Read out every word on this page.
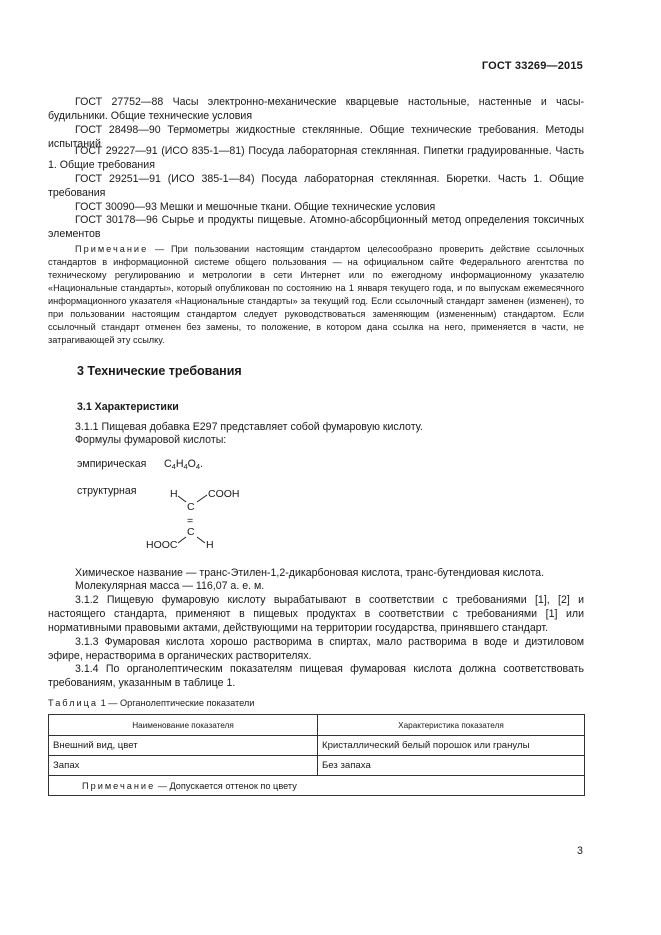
ГОСТ 33269—2015

ГОСТ 27752—88 Часы электронно-механические кварцевые настольные, настенные и часы-будильники. Общие технические условия

ГОСТ 28498—90 Термометры жидкостные стеклянные. Общие технические требования. Методы испытаний

ГОСТ 29227—91 (ИСО 835-1—81) Посуда лабораторная стеклянная. Пипетки градуированные. Часть 1. Общие требования

ГОСТ 29251—91 (ИСО 385-1—84) Посуда лабораторная стеклянная. Бюретки. Часть 1. Общие требования

ГОСТ 30090—93 Мешки и мешочные ткани. Общие технические условия

ГОСТ 30178—96 Сырье и продукты пищевые. Атомно-абсорбционный метод определения токсичных элементов

Примечание — При пользовании настоящим стандартом целесообразно проверить действие ссылочных стандартов в информационной системе общего пользования — на официальном сайте Федерального агентства по техническому регулированию и метрологии в сети Интернет или по ежегодному информационному указателю «Национальные стандарты», который опубликован по состоянию на 1 января текущего года, и по выпускам ежемесячного информационного указателя «Национальные стандарты» за текущий год. Если ссылочный стандарт заменен (изменен), то при пользовании настоящим стандартом следует руководствоваться заменяющим (измененным) стандартом. Если ссылочный стандарт отменен без замены, то положение, в котором дана ссылка на него, применяется в части, не затрагивающей эту ссылку.

3 Технические требования
3.1 Характеристики

3.1.1 Пищевая добавка E297 представляет собой фумаровую кислоту.

Формулы фумаровой кислоты:

эмпирическая $C_4H_4O_4$.
структурная	H
C
COOH
=
C
HOOC	H

Химическое название — транс-Этилен-1,2-дикарбоновая кислота, транс-бутендиовая кислота.

Молекулярная масса — 116,07 а. е. м.

3.1.2 Пищевую фумаровую кислоту вырабатывают в соответствии с требованиями [1], [2] и настоящего стандарта, применяют в пищевых продуктах в соответствии с требованиями [1] или нормативными правовыми актами, действующими на территории государства, принявшего стандарт.

3.1.3 Фумаровая кислота хорошо растворима в спиртах, мало растворима в воде и диэтиловом эфире, нерастворима в органических растворителях.

3.1.4 По органолептическим показателям пищевая фумаровая кислота должна соответствовать требованиям, указанным в таблице 1.

Таблица 1 — Органолептические показатели
Наименование показателя	Характеристика показателя
Внешний вид, цвет	Кристаллический белый порошок или гранулы
Запах	Без запаха
Примечание — Допускается оттенок по цвету	
3
